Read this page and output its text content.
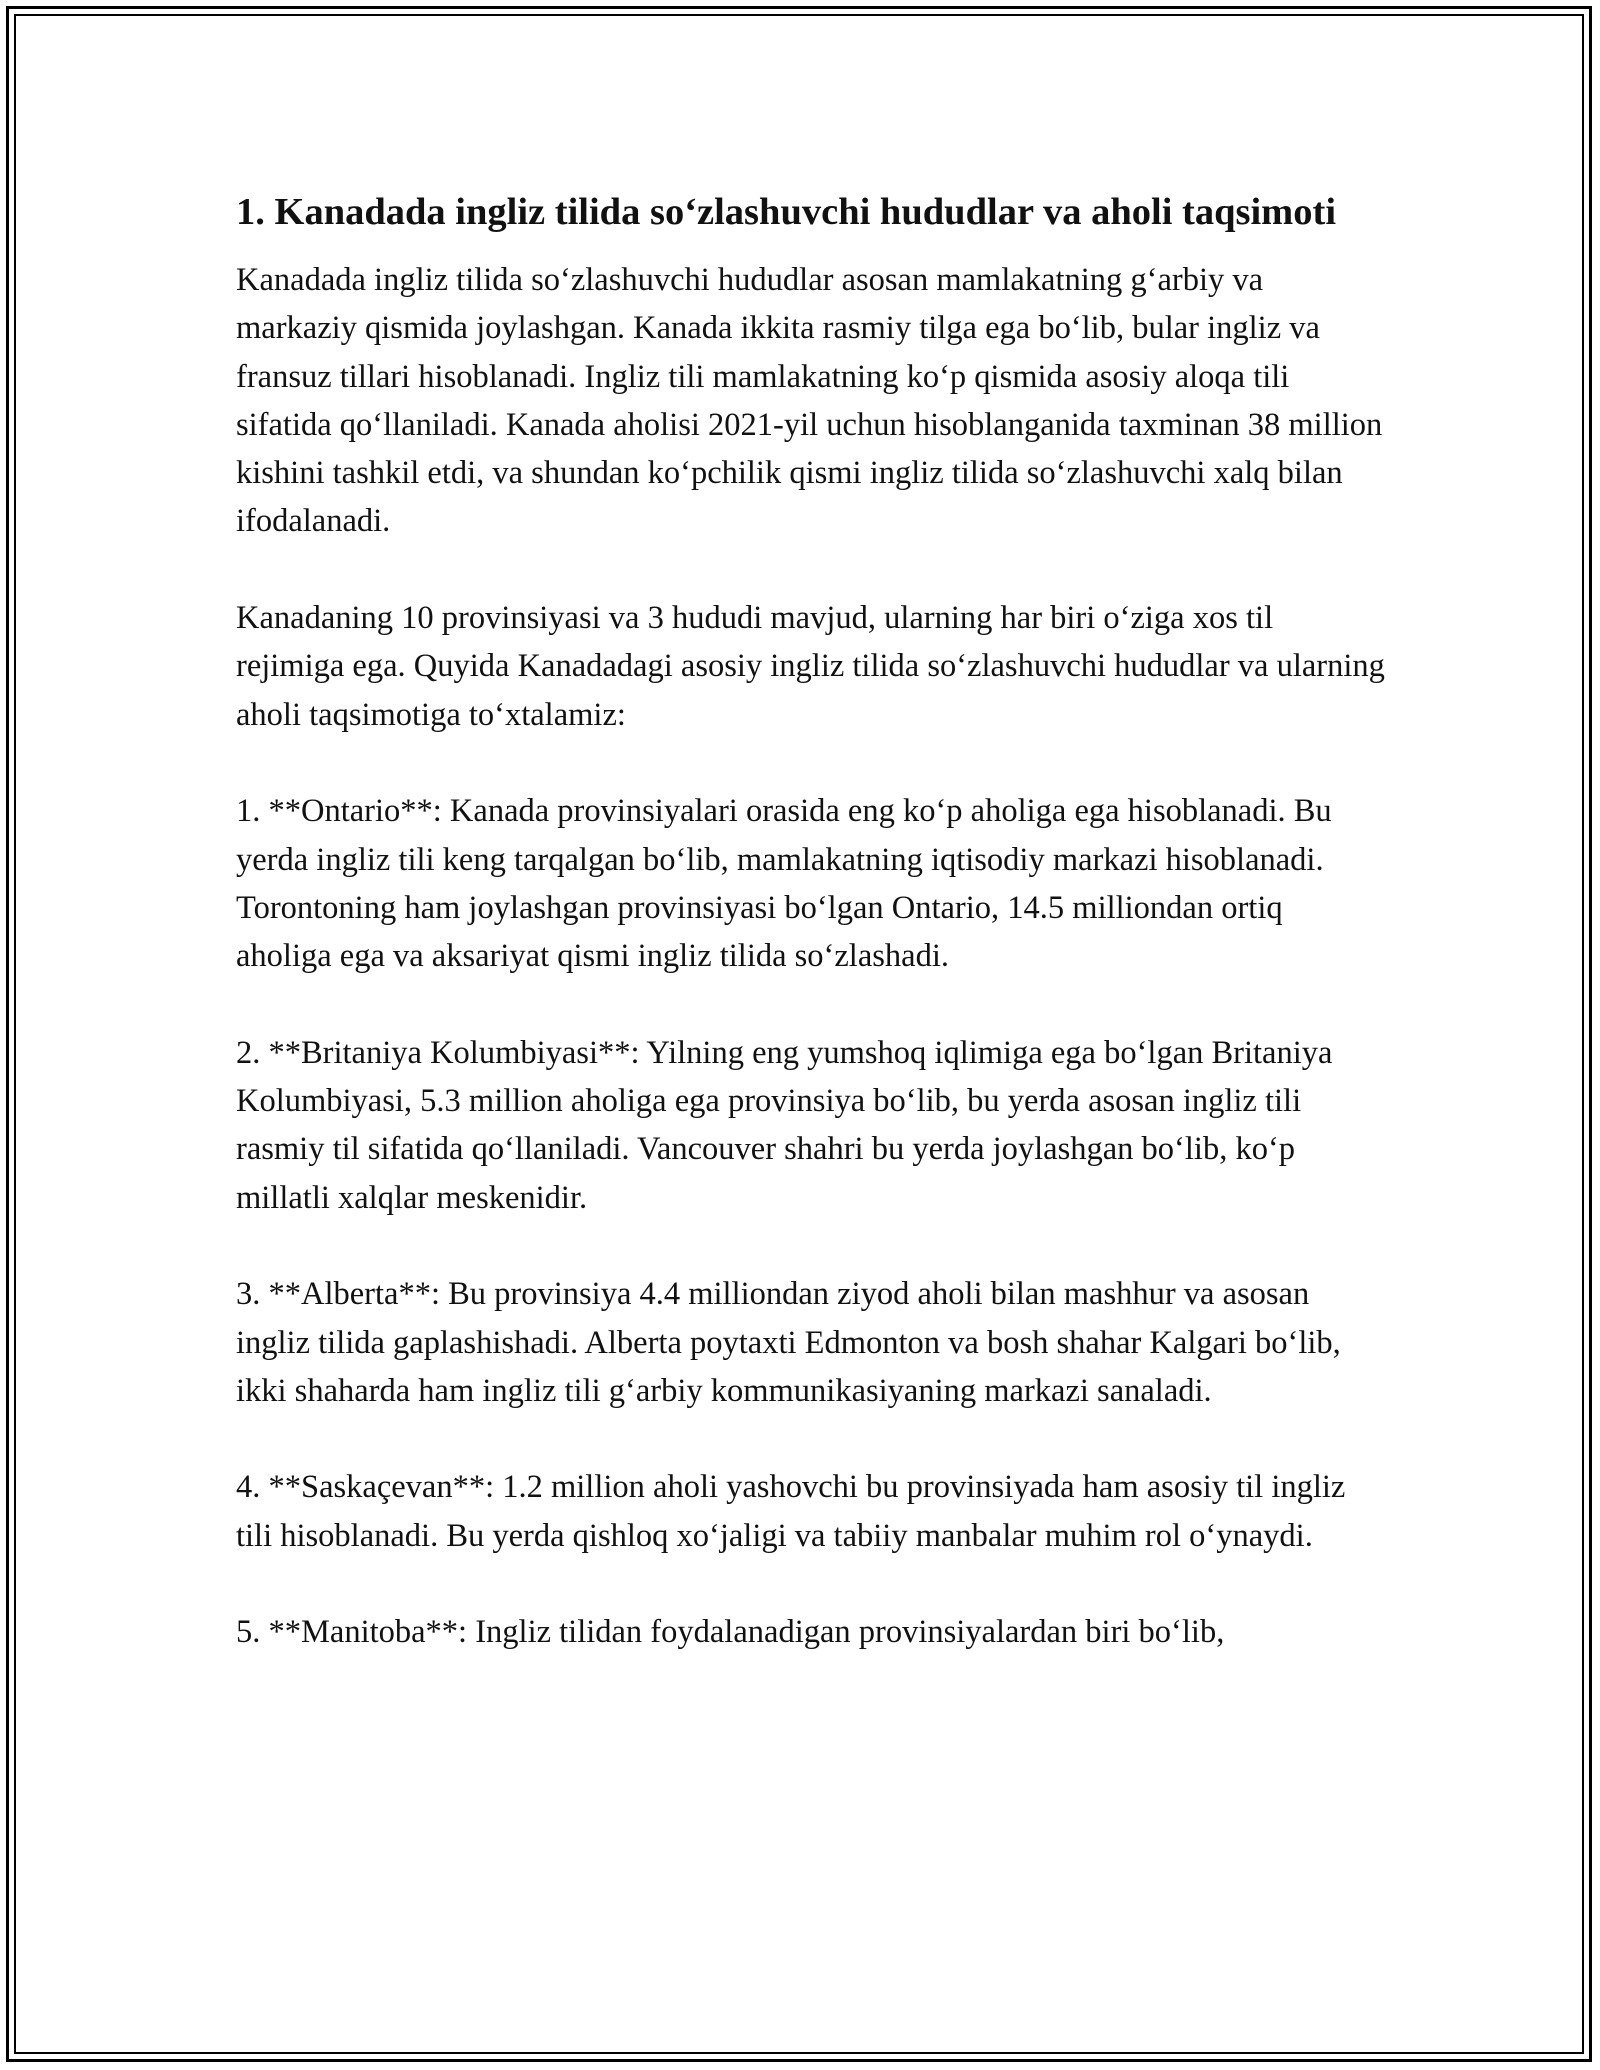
1. Kanadada ingliz tilida so‘zlashuvchi hududlar va aholi taqsimoti

Kanadada ingliz tilida so‘zlashuvchi hududlar asosan mamlakatning g‘arbiy va markaziy qismida joylashgan. Kanada ikkita rasmiy tilga ega bo‘lib, bular ingliz va fransuz tillari hisoblanadi. Ingliz tili mamlakatning ko‘p qismida asosiy aloqa tili sifatida qo‘llaniladi. Kanada aholisi 2021-yil uchun hisoblanganida taxminan 38 million kishini tashkil etdi, va shundan ko‘pchilik qismi ingliz tilida so‘zlashuvchi xalq bilan ifodalanadi.

Kanadaning 10 provinsiyasi va 3 hududi mavjud, ularning har biri o‘ziga xos til rejimiga ega. Quyida Kanadadagi asosiy ingliz tilida so‘zlashuvchi hududlar va ularning aholi taqsimotiga to‘xtalamiz:

1. **Ontario**: Kanada provinsiyalari orasida eng ko‘p aholiga ega hisoblanadi. Bu yerda ingliz tili keng tarqalgan bo‘lib, mamlakatning iqtisodiy markazi hisoblanadi. Torontoning ham joylashgan provinsiyasi bo‘lgan Ontario, 14.5 milliondan ortiq aholiga ega va aksariyat qismi ingliz tilida so‘zlashadi.

2. **Britaniya Kolumbiyasi**: Yilning eng yumshoq iqlimiga ega bo‘lgan Britaniya Kolumbiyasi, 5.3 million aholiga ega provinsiya bo‘lib, bu yerda asosan ingliz tili rasmiy til sifatida qo‘llaniladi. Vancouver shahri bu yerda joylashgan bo‘lib, ko‘p millatli xalqlar meskenidir.

3. **Alberta**: Bu provinsiya 4.4 milliondan ziyod aholi bilan mashhur va asosan ingliz tilida gaplashishadi. Alberta poytaxti Edmonton va bosh shahar Kalgari bo‘lib, ikki shaharda ham ingliz tili g‘arbiy kommunikasiyaning markazi sanaladi.

4. **Saskaçevan**: 1.2 million aholi yashovchi bu provinsiyada ham asosiy til ingliz tili hisoblanadi. Bu yerda qishloq xo‘jaligi va tabiiy manbalar muhim rol o‘ynaydi.

5. **Manitoba**: Ingliz tilidan foydalanadigan provinsiyalardan biri bo‘lib,
